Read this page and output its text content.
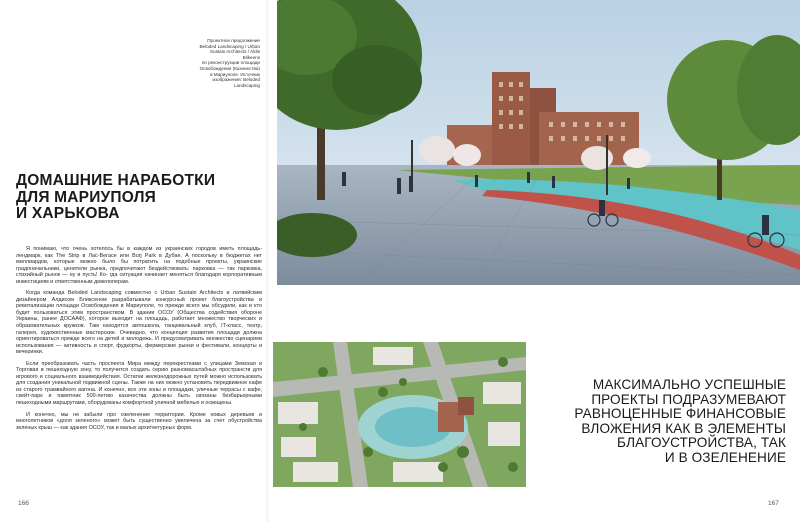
Проектное предложение
Beloded Landscaping / Urban
Sustain Architects / Aldis Blikeens
по реконструкции площади
Освобождения (Казенества)
в Мариуполе. Источник
изображения: Beloded
Landscaping
ДОМАШНИЕ НАРАБОТКИ
ДЛЯ МАРИУПОЛЯ
И ХАРЬКОВА

Я понимаю, что очень хотелось бы в каждом из украинских городов иметь площадь-лендмарк, как The Strip в Лас-Вегасе или Burj Park в Дубае. А поскольку в бюджетах нет миллиардов, которые можно было бы потратить на подобные проекты, украинские градоначальники, ценители рынка, предпочитают бездействовать: парковка — так парковка, стихийный рынок — ну и пусть! Ко- гда ситуация начинает меняться благодаря корпоративным инвестициям и ответственным девелоперам.

Когда команда Beloded Landscaping совместно с Urban Sustain Architects и латвийским дизайнером Алдисом Бликсеном разрабатывали конкурсный проект благоустройства и ревитализации площади Освобождения в Мариуполе, то прежде всего мы обсудили, как и кто будет пользоваться этим пространством. В здании ОСОУ (Общества содействия обороне Украины, ранее ДОСААФ), которое выходит на площадь, работает множество творческих и образовательных кружков. Там находятся автошкола, танцевальный клуб, IT-класс, театр, галерея, художественные мастерские. Очевидно, что концепция развития площади должна ориентироваться прежде всего на детей и молодежь. И предусматривать множество сценариев использования — активность и спорт, фудкорты, фермерские рынки и фестивали, концерты и вечеринки.

Если преобразовать часть проспекта Мира между перекрестками с улицами Земская и Торговая в пешеходную зону, то получится создать серию разномасштабных пространств для игрового и социального взаимодействия. Остатки железнодорожных путей можно использовать для создания уникальной подвижной сцены. Также на них можно установить передвижное кафе из старого трамвайного вагона. И конечно, все эти зоны и площадки, уличные террасы с кафе, скейт-парк и памятник 500-летию казачества должны быть связаны безбарьерными пешеходными маршрутами, оборудованы комфортной уличной мебелью и освещены.

И конечно, мы не забыли про озеленение территории. Кроме новых деревьев и многолетников «доля зеленого» может быть существенно увеличена за счет обустройства зеленых крыш — как здания ОСОУ, так и малых архитектурных форм.

166	167
МАКСИМАЛЬНО УСПЕШНЫЕ
ПРОЕКТЫ ПОДРАЗУМЕВАЮТ
РАВНОЦЕННЫЕ ФИНАНСОВЫЕ
ВЛОЖЕНИЯ КАК В ЭЛЕМЕНТЫ
БЛАГОУСТРОЙСТВА, ТАК
И В ОЗЕЛЕНЕНИЕ
